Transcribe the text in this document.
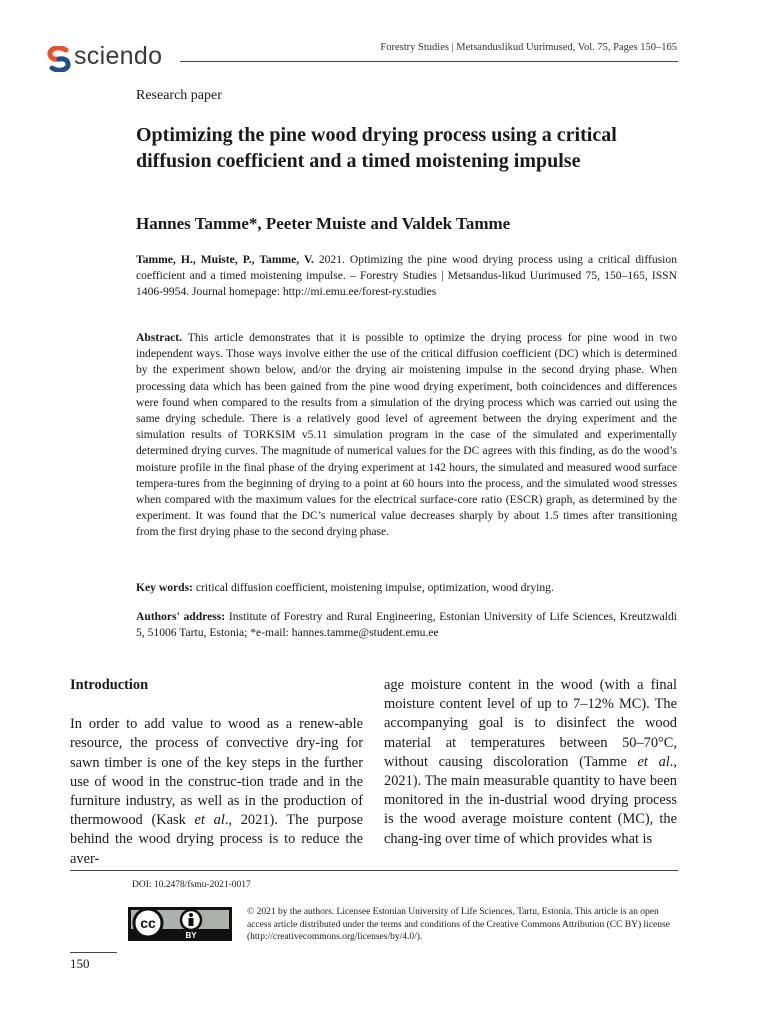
sciendo	Forestry Studies | Metsanduslikud Uurimused, Vol. 75, Pages 150–165
Research paper
Optimizing the pine wood drying process using a critical diffusion coefficient and a timed moistening impulse
Hannes Tamme*, Peeter Muiste and Valdek Tamme
Tamme, H., Muiste, P., Tamme, V. 2021. Optimizing the pine wood drying process using a critical diffusion coefficient and a timed moistening impulse. – Forestry Studies | Metsandus-likud Uurimused 75, 150–165, ISSN 1406-9954. Journal homepage: http://mi.emu.ee/forest-ry.studies
Abstract. This article demonstrates that it is possible to optimize the drying process for pine wood in two independent ways. Those ways involve either the use of the critical diffusion coefficient (DC) which is determined by the experiment shown below, and/or the drying air moistening impulse in the second drying phase. When processing data which has been gained from the pine wood drying experiment, both coincidences and differences were found when compared to the results from a simulation of the drying process which was carried out using the same drying schedule. There is a relatively good level of agreement between the drying experiment and the simulation results of TORKSIM v5.11 simulation program in the case of the simulated and experimentally determined drying curves. The magnitude of numerical values for the DC agrees with this finding, as do the wood’s moisture profile in the final phase of the drying experiment at 142 hours, the simulated and measured wood surface tempera-tures from the beginning of drying to a point at 60 hours into the process, and the simulated wood stresses when compared with the maximum values for the electrical surface-core ratio (ESCR) graph, as determined by the experiment. It was found that the DC’s numerical value decreases sharply by about 1.5 times after transitioning from the first drying phase to the second drying phase.
Key words: critical diffusion coefficient, moistening impulse, optimization, wood drying.
Authors' address: Institute of Forestry and Rural Engineering, Estonian University of Life Sciences, Kreutzwaldi 5, 51006 Tartu, Estonia; *e-mail: hannes.tamme@student.emu.ee
Introduction
In order to add value to wood as a renew-able resource, the process of convective dry-ing for sawn timber is one of the key steps in the further use of wood in the construc-tion trade and in the furniture industry, as well as in the production of thermowood (Kask et al., 2021). The purpose behind the wood drying process is to reduce the aver-
age moisture content in the wood (with a final moisture content level of up to 7–12% MC). The accompanying goal is to disinfect the wood material at temperatures between 50–70°C, without causing discoloration (Tamme et al., 2021). The main measurable quantity to have been monitored in the in-dustrial wood drying process is the wood average moisture content (MC), the chang-ing over time of which provides what is
DOI: 10.2478/fsmu-2021-0017
cc
BY
© 2021 by the authors. Licensee Estonian University of Life Sciences, Tartu, Estonia. This article is an open access article distributed under the terms and conditions of the Creative Commons Attribution (CC BY) license (http://creativecommons.org/licenses/by/4.0/).
150
